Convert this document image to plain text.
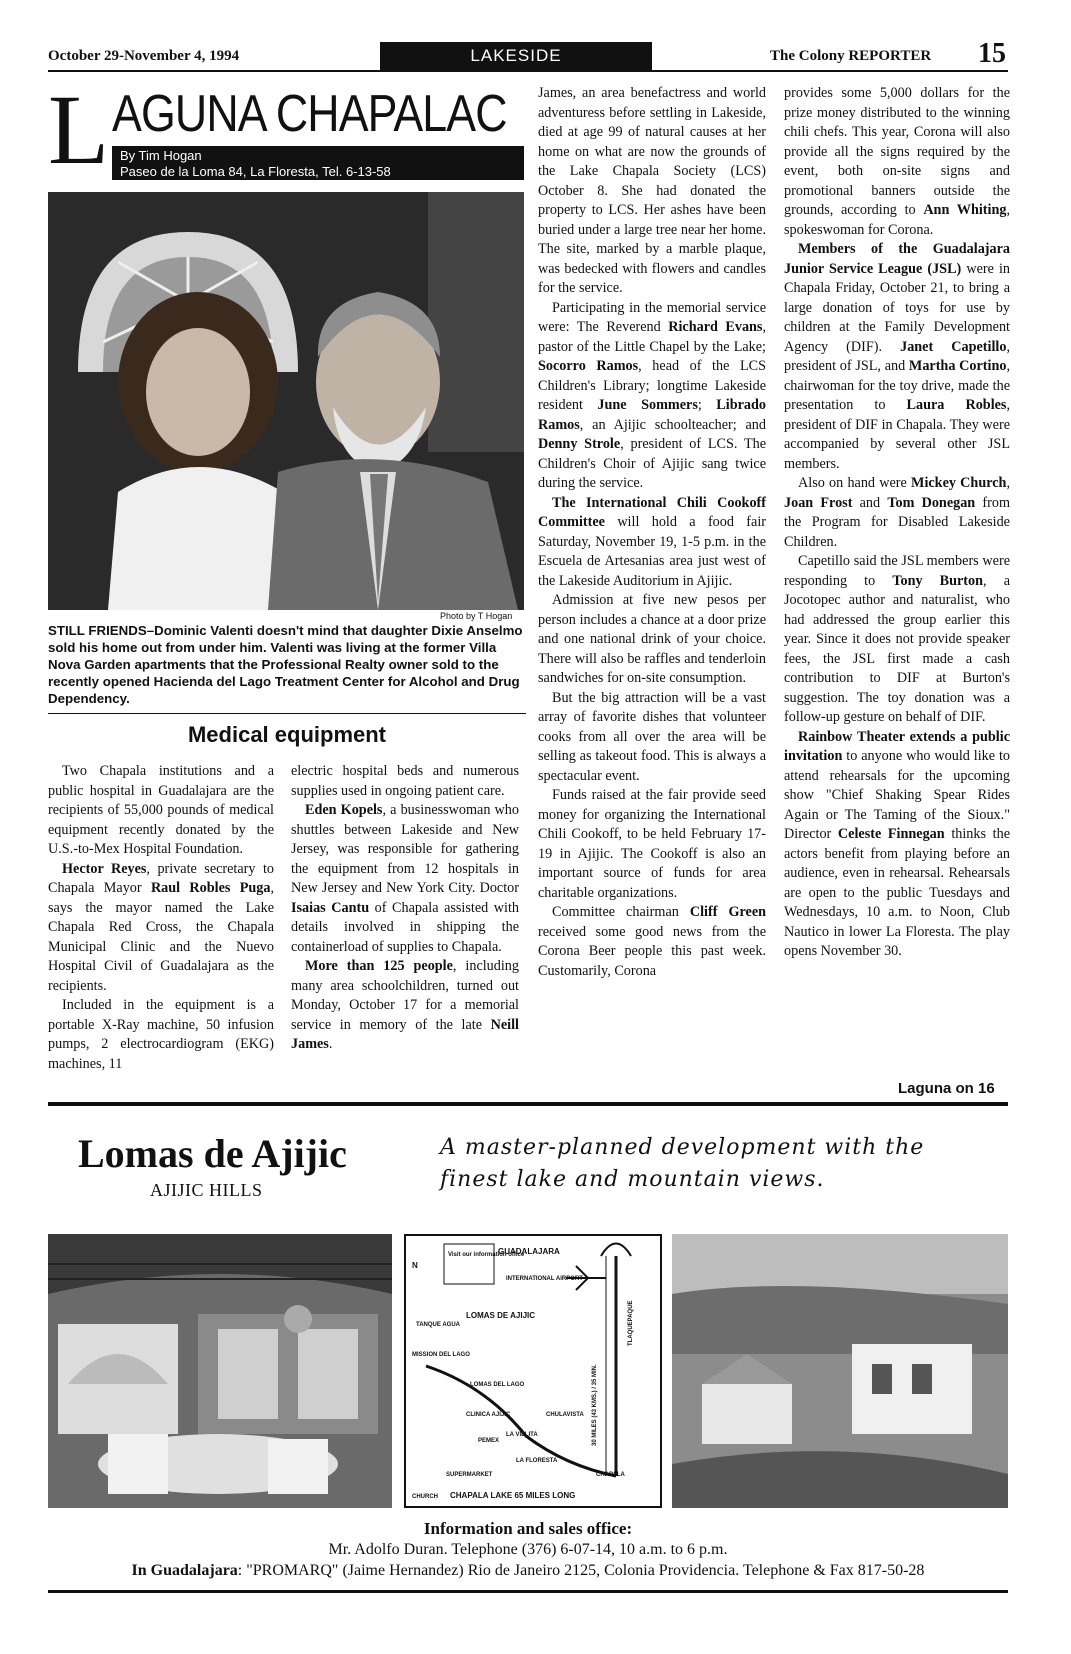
October 29-November 4, 1994	LAKESIDE	The Colony REPORTER 15
L AGUNA CHAPALAC
By Tim Hogan
Paseo de la Loma 84, La Floresta, Tel. 6-13-58
Photo by T Hogan
STILL FRIENDS–Dominic Valenti doesn't mind that daughter Dixie Anselmo sold his home out from under him. Valenti was living at the former Villa Nova Garden apartments that the Professional Realty owner sold to the recently opened Hacienda del Lago Treatment Center for Alcohol and Drug Dependency.
Medical equipment

Two Chapala institutions and a public hospital in Guadalajara are the recipients of 55,000 pounds of medical equipment recently donated by the U.S.-to-Mex Hospital Foundation.

Hector Reyes, private secretary to Chapala Mayor Raul Robles Puga, says the mayor named the Lake Chapala Red Cross, the Chapala Municipal Clinic and the Nuevo Hospital Civil of Guadalajara as the recipients.

Included in the equipment is a portable X-Ray machine, 50 infusion pumps, 2 electrocardiogram (EKG) machines, 11

electric hospital beds and numerous supplies used in ongoing patient care.

Eden Kopels, a businesswoman who shuttles between Lakeside and New Jersey, was responsible for gathering the equipment from 12 hospitals in New Jersey and New York City. Doctor Isaias Cantu of Chapala assisted with details involved in shipping the containerload of supplies to Chapala.

More than 125 people, including many area schoolchildren, turned out Monday, October 17 for a memorial service in memory of the late Neill James.

James, an area benefactress and world adventuress before settling in Lakeside, died at age 99 of natural causes at her home on what are now the grounds of the Lake Chapala Society (LCS) October 8. She had donated the property to LCS. Her ashes have been buried under a large tree near her home. The site, marked by a marble plaque, was bedecked with flowers and candles for the service.

Participating in the memorial service were: The Reverend Richard Evans, pastor of the Little Chapel by the Lake; Socorro Ramos, head of the LCS Children's Library; longtime Lakeside resident June Sommers; Librado Ramos, an Ajijic schoolteacher; and Denny Strole, president of LCS. The Children's Choir of Ajijic sang twice during the service.

The International Chili Cookoff Committee will hold a food fair Saturday, November 19, 1-5 p.m. in the Escuela de Artesanias area just west of the Lakeside Auditorium in Ajijic.

Admission at five new pesos per person includes a chance at a door prize and one national drink of your choice. There will also be raffles and tenderloin sandwiches for on-site consumption.

But the big attraction will be a vast array of favorite dishes that volunteer cooks from all over the area will be selling as takeout food. This is always a spectacular event.

Funds raised at the fair provide seed money for organizing the International Chili Cookoff, to be held February 17-19 in Ajijic. The Cookoff is also an important source of funds for area charitable organizations.

Committee chairman Cliff Green received some good news from the Corona Beer people this past week. Customarily, Corona

provides some 5,000 dollars for the prize money distributed to the winning chili chefs. This year, Corona will also provide all the signs required by the event, both on-site signs and promotional banners outside the grounds, according to Ann Whiting, spokeswoman for Corona.

Members of the Guadalajara Junior Service League (JSL) were in Chapala Friday, October 21, to bring a large donation of toys for use by children at the Family Development Agency (DIF). Janet Capetillo, president of JSL, and Martha Cortino, chairwoman for the toy drive, made the presentation to Laura Robles, president of DIF in Chapala. They were accompanied by several other JSL members.

Also on hand were Mickey Church, Joan Frost and Tom Donegan from the Program for Disabled Lakeside Children.

Capetillo said the JSL members were responding to Tony Burton, a Jocotopec author and naturalist, who had addressed the group earlier this year. Since it does not provide speaker fees, the JSL first made a cash contribution to DIF at Burton's suggestion. The toy donation was a follow-up gesture on behalf of DIF.

Rainbow Theater extends a public invitation to anyone who would like to attend rehearsals for the upcoming show "Chief Shaking Spear Rides Again or The Taming of the Sioux." Director Celeste Finnegan thinks the actors benefit from playing before an audience, even in rehearsal. Rehearsals are open to the public Tuesdays and Wednesdays, 10 a.m. to Noon, Club Nautico in lower La Floresta. The play opens November 30.

Laguna on 16
Lomas de Ajijic
AJIJIC HILLS
A master-planned development with the finest lake and mountain views.
N
Visit our information office
GUADALAJARA
INTERNATIONAL AIRPORT
LOMAS DE AJIJIC
TANQUE AGUA
MISSION DEL LAGO
LOMAS DEL LAGO
CLINICA AJIJIC	CHULAVISTA
LA VILLITA
PEMEX
LA FLORESTA
SUPERMARKET	CHAPALA
CHURCH CHAPALA LAKE 65 MILES LONG
30 MILES (43 KMS.) / 35 MIN.
TLAQUEPAQUE
Information and sales office:
Mr. Adolfo Duran. Telephone (376) 6-07-14, 10 a.m. to 6 p.m.
In Guadalajara: "PROMARQ" (Jaime Hernandez) Rio de Janeiro 2125, Colonia Providencia. Telephone & Fax 817-50-28
